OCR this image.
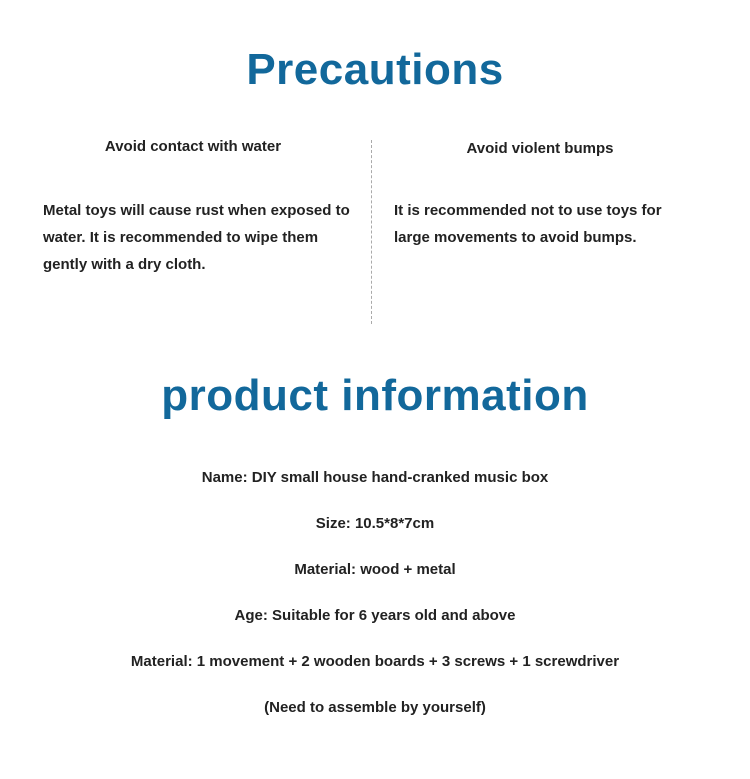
Precautions
Avoid contact with water
Metal toys will cause rust when exposed to water. It is recommended to wipe them gently with a dry cloth.
Avoid violent bumps
It is recommended not to use toys for large movements to avoid bumps.
product information
Name: DIY small house hand-cranked music box
Size: 10.5*8*7cm
Material: wood + metal
Age: Suitable for 6 years old and above
Material: 1 movement + 2 wooden boards + 3 screws + 1 screwdriver
(Need to assemble by yourself)
